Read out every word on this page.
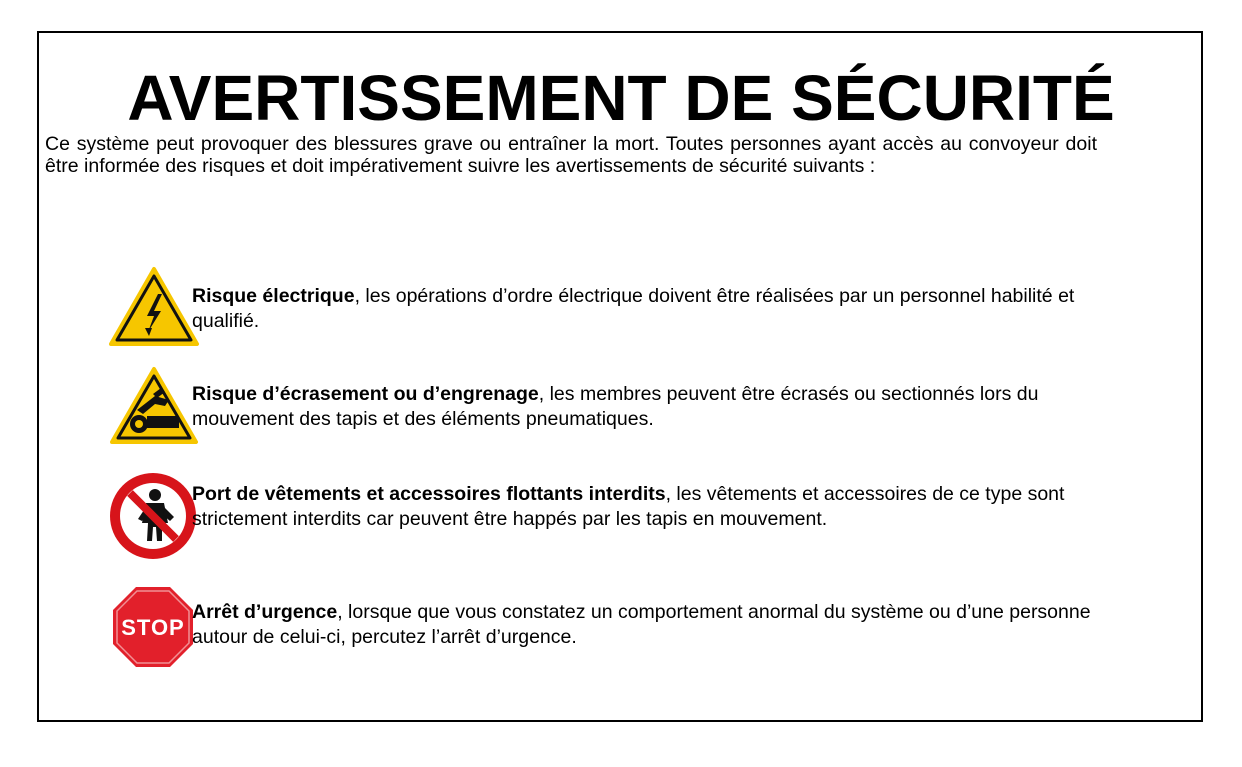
AVERTISSEMENT DE SÉCURITÉ

Ce système peut provoquer des blessures grave ou entraîner la mort. Toutes personnes ayant accès au convoyeur doit être informée des risques et doit impérativement suivre les avertissements de sécurité suivants :

Risque électrique, les opérations d’ordre électrique doivent être réalisées par un personnel habilité et qualifié.

Risque d’écrasement ou d’engrenage, les membres peuvent être écrasés ou sectionnés lors du mouvement des tapis et des éléments pneumatiques.

Port de vêtements et accessoires flottants interdits, les vêtements et accessoires de ce type sont strictement interdits car peuvent être happés par les tapis en mouvement.

STOP

Arrêt d’urgence, lorsque que vous constatez un comportement anormal du système ou d’une personne autour de celui-ci, percutez l’arrêt d’urgence.
